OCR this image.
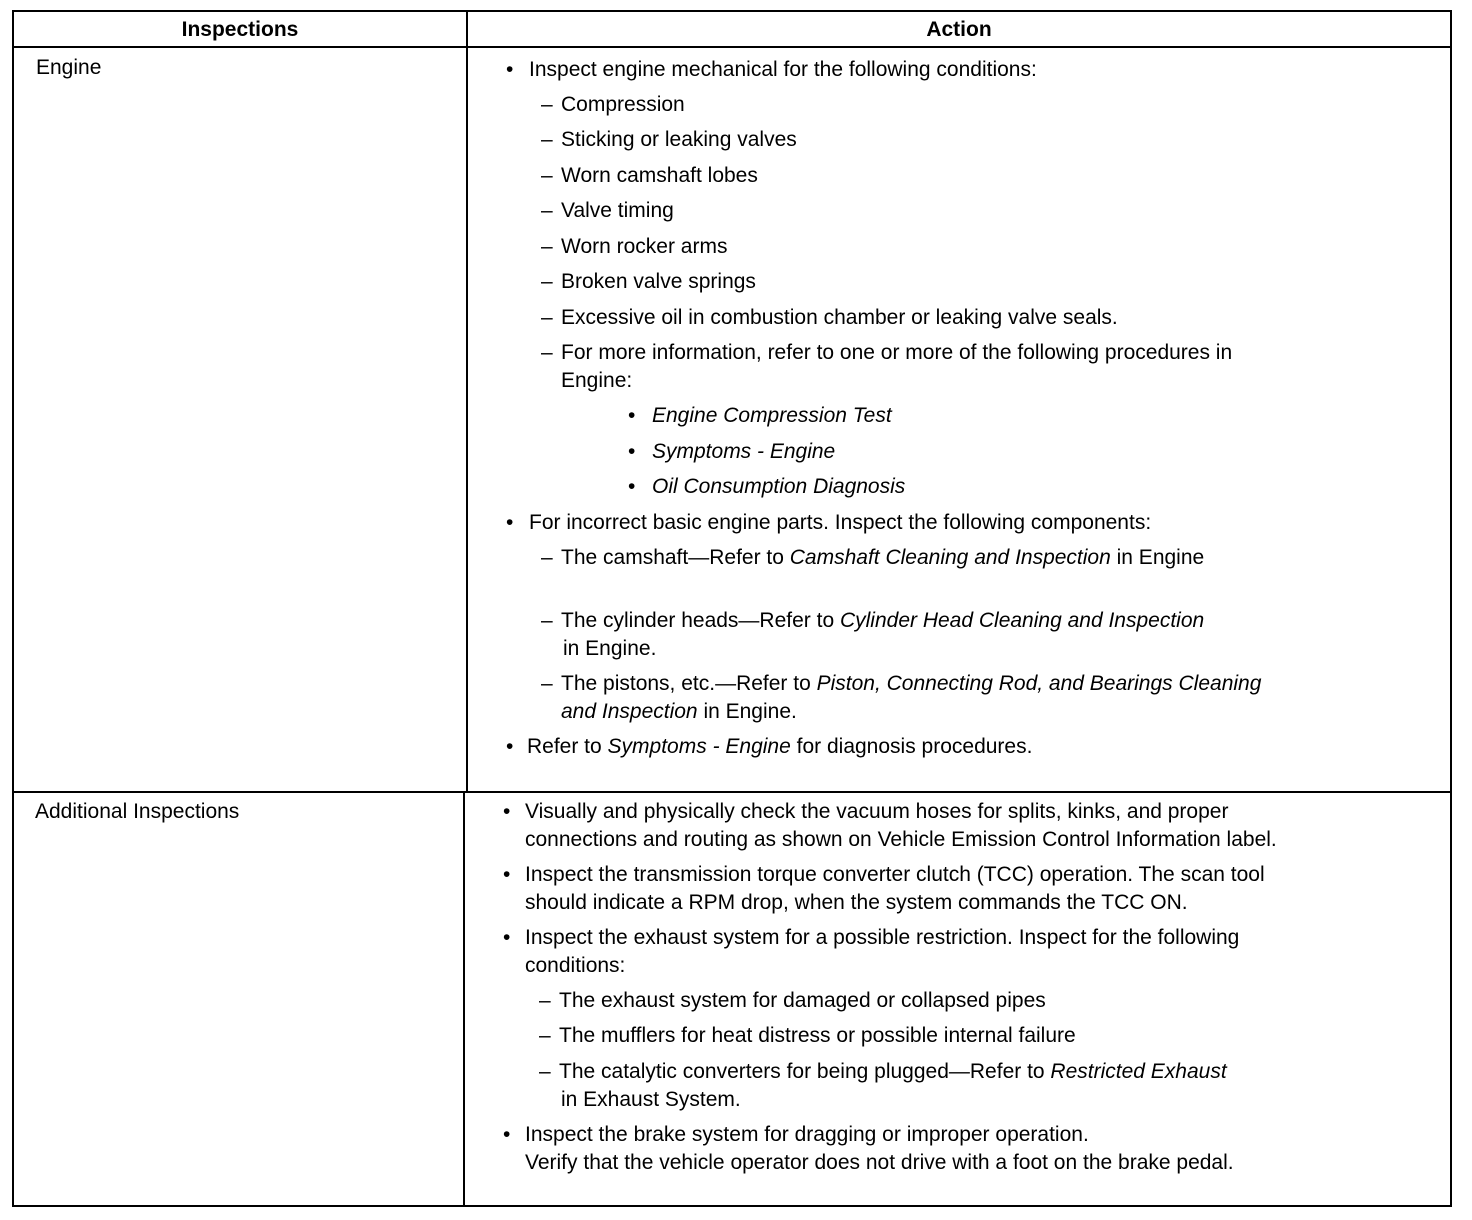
Inspections	Action
Engine	• Inspect engine mechanical for the following conditions:
– Compression
– Sticking or leaking valves
– Worn camshaft lobes
– Valve timing
– Worn rocker arms
– Broken valve springs
– Excessive oil in combustion chamber or leaking valve seals.
– For more information, refer to one or more of the following procedures in
Engine:
• Engine Compression Test
• Symptoms - Engine
• Oil Consumption Diagnosis
• For incorrect basic engine parts. Inspect the following components:
– The camshaft—Refer to Camshaft Cleaning and Inspection in Engine
– The cylinder heads—Refer to Cylinder Head Cleaning and Inspection
in Engine.
– The pistons, etc.—Refer to Piston, Connecting Rod, and Bearings Cleaning
and Inspection in Engine.
• Refer to Symptoms - Engine for diagnosis procedures.
Additional Inspections	• Visually and physically check the vacuum hoses for splits, kinks, and proper
connections and routing as shown on Vehicle Emission Control Information label.
• Inspect the transmission torque converter clutch (TCC) operation. The scan tool
should indicate a RPM drop, when the system commands the TCC ON.
• Inspect the exhaust system for a possible restriction. Inspect for the following
conditions:
– The exhaust system for damaged or collapsed pipes
– The mufflers for heat distress or possible internal failure
– The catalytic converters for being plugged—Refer to Restricted Exhaust
in Exhaust System.
• Inspect the brake system for dragging or improper operation.
Verify that the vehicle operator does not drive with a foot on the brake pedal.
